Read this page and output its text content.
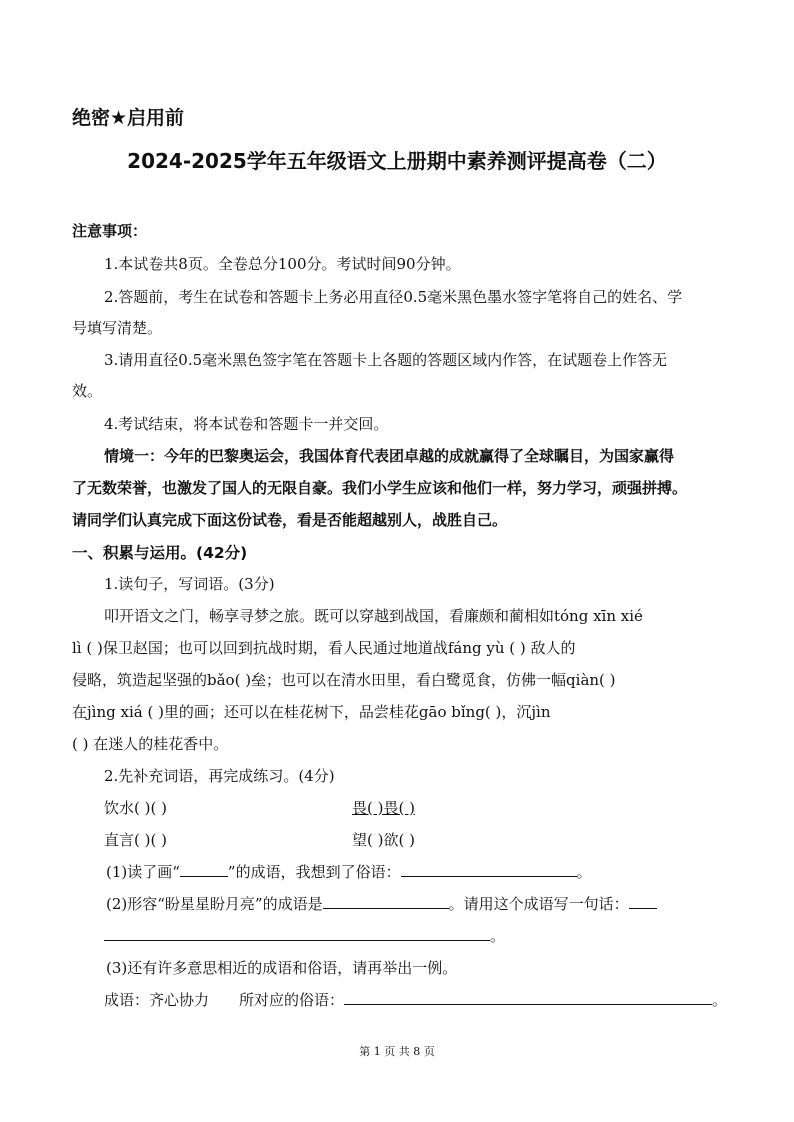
绝密★启用前
2024-2025学年五年级语文上册期中素养测评提高卷（二）
注意事项：
1.本试卷共8页。全卷总分100分。考试时间90分钟。
2.答题前，考生在试卷和答题卡上务必用直径0.5毫米黑色墨水签字笔将自己的姓名、学
号填写清楚。
3.请用直径0.5毫米黑色签字笔在答题卡上各题的答题区域内作答，在试题卷上作答无
效。
4.考试结束，将本试卷和答题卡一并交回。
情境一：今年的巴黎奥运会，我国体育代表团卓越的成就赢得了全球瞩目，为国家赢得
了无数荣誉，也激发了国人的无限自豪。我们小学生应该和他们一样，努力学习，顽强拼搏。
请同学们认真完成下面这份试卷，看是否能超越别人，战胜自己。
一、积累与运用。(42分)
1.读句子，写词语。(3分)
叩开语文之门，畅享寻梦之旅。既可以穿越到战国，看廉颇和蔺相如tóng xīn xié
lì ( )保卫赵国；也可以回到抗战时期，看人民通过地道战fáng yù ( ) 敌人的
侵略，筑造起坚强的bǎo( )垒；也可以在清水田里，看白鹭觅食，仿佛一幅qiàn( )
在jìng xiá ( )里的画；还可以在桂花树下，品尝桂花gāo bǐng( )，沉jìn
( ) 在迷人的桂花香中。
2.先补充词语，再完成练习。(4分)
饮水( )( )	畏( )畏( )
直言( )( )	望( )欲( )
(1)读了画“	”的成语，我想到了俗语：	。
(2)形容“盼星星盼月亮”的成语是	。请用这个成语写一句话：
。
(3)还有许多意思相近的成语和俗语，请再举出一例。
成语：齐心协力 所对应的俗语：	。
第 1 页 共 8 页
